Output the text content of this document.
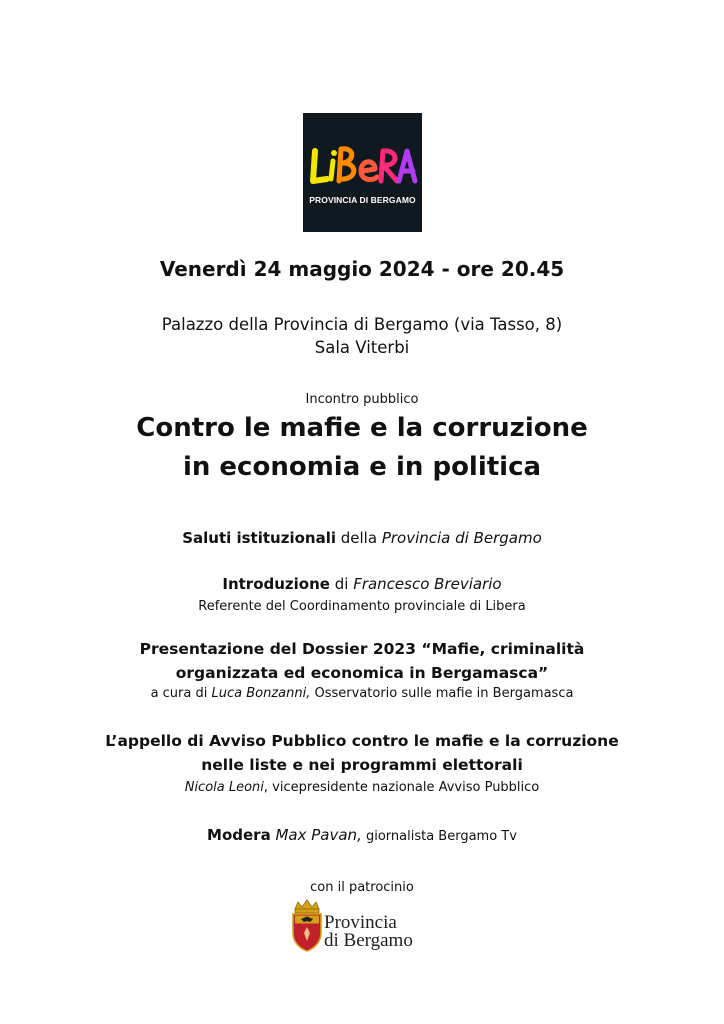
PROVINCIA DI BERGAMO
Venerdì 24 maggio 2024 - ore 20.45
Palazzo della Provincia di Bergamo (via Tasso, 8)
Sala Viterbi
Incontro pubblico
Contro le mafie e la corruzione
in economia e in politica
Saluti istituzionali della Provincia di Bergamo
Introduzione di Francesco Breviario
Referente del Coordinamento provinciale di Libera
Presentazione del Dossier 2023 “Mafie, criminalità
organizzata ed economica in Bergamasca”
a cura di Luca Bonzanni, Osservatorio sulle mafie in Bergamasca
L’appello di Avviso Pubblico contro le mafie e la corruzione
nelle liste e nei programmi elettorali
Nicola Leoni, vicepresidente nazionale Avviso Pubblico
Modera Max Pavan, giornalista Bergamo Tv
con il patrocinio
Provincia
di Bergamo
